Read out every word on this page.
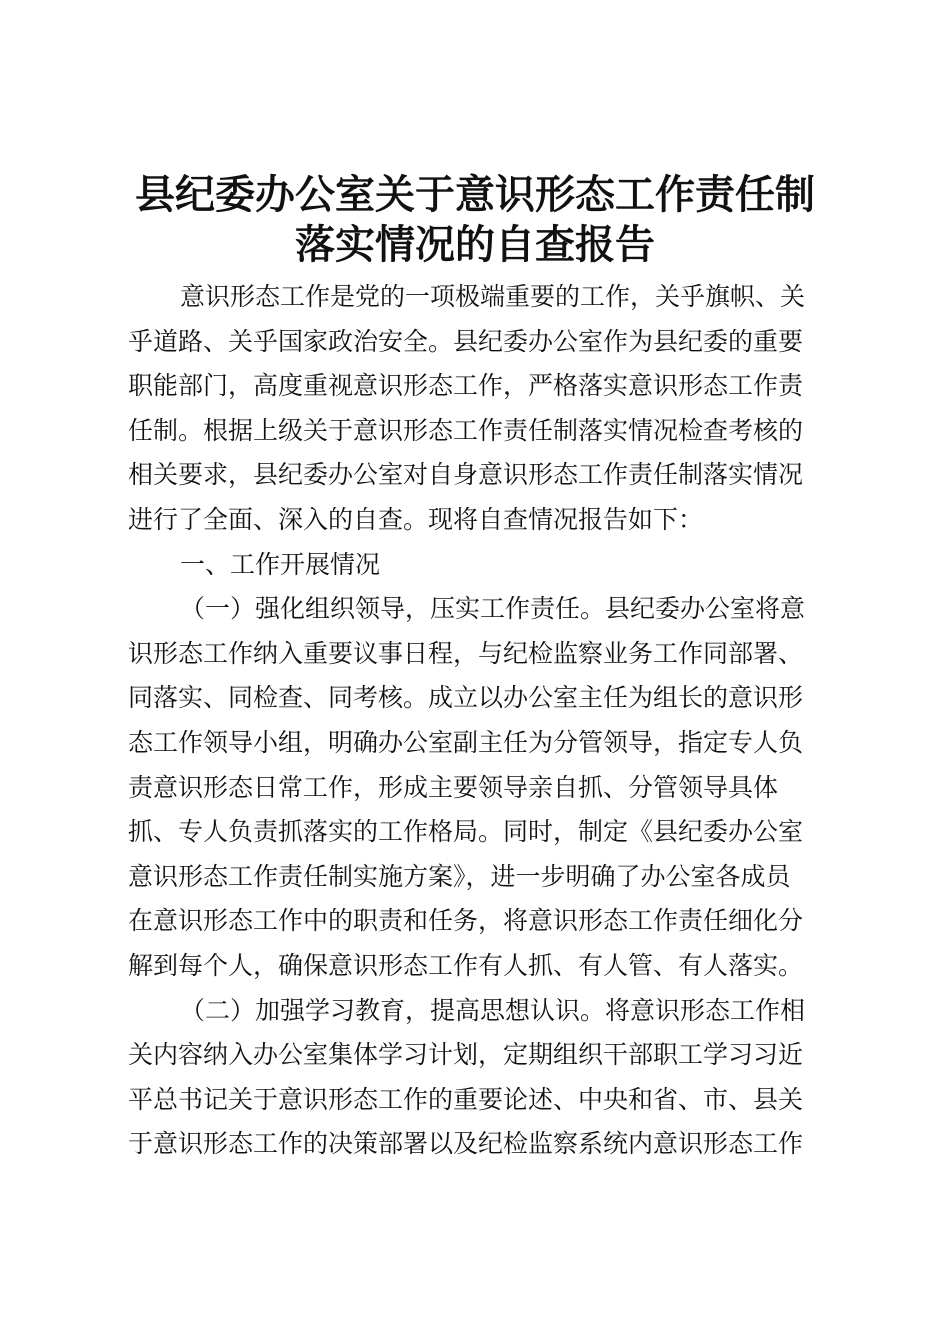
县纪委办公室关于意识形态工作责任制
落实情况的自查报告
意识形态工作是党的一项极端重要的工作，关乎旗帜、关
乎道路、关乎国家政治安全。县纪委办公室作为县纪委的重要
职能部门，高度重视意识形态工作，严格落实意识形态工作责
任制。根据上级关于意识形态工作责任制落实情况检查考核的
相关要求，县纪委办公室对自身意识形态工作责任制落实情况
进行了全面、深入的自查。现将自查情况报告如下：
一、工作开展情况
（一）强化组织领导，压实工作责任。县纪委办公室将意
识形态工作纳入重要议事日程，与纪检监察业务工作同部署、
同落实、同检查、同考核。成立以办公室主任为组长的意识形
态工作领导小组，明确办公室副主任为分管领导，指定专人负
责意识形态日常工作，形成主要领导亲自抓、分管领导具体
抓、专人负责抓落实的工作格局。同时，制定《县纪委办公室
意识形态工作责任制实施方案》，进一步明确了办公室各成员
在意识形态工作中的职责和任务，将意识形态工作责任细化分
解到每个人，确保意识形态工作有人抓、有人管、有人落实。
（二）加强学习教育，提高思想认识。将意识形态工作相
关内容纳入办公室集体学习计划，定期组织干部职工学习习近
平总书记关于意识形态工作的重要论述、中央和省、市、县关
于意识形态工作的决策部署以及纪检监察系统内意识形态工作
